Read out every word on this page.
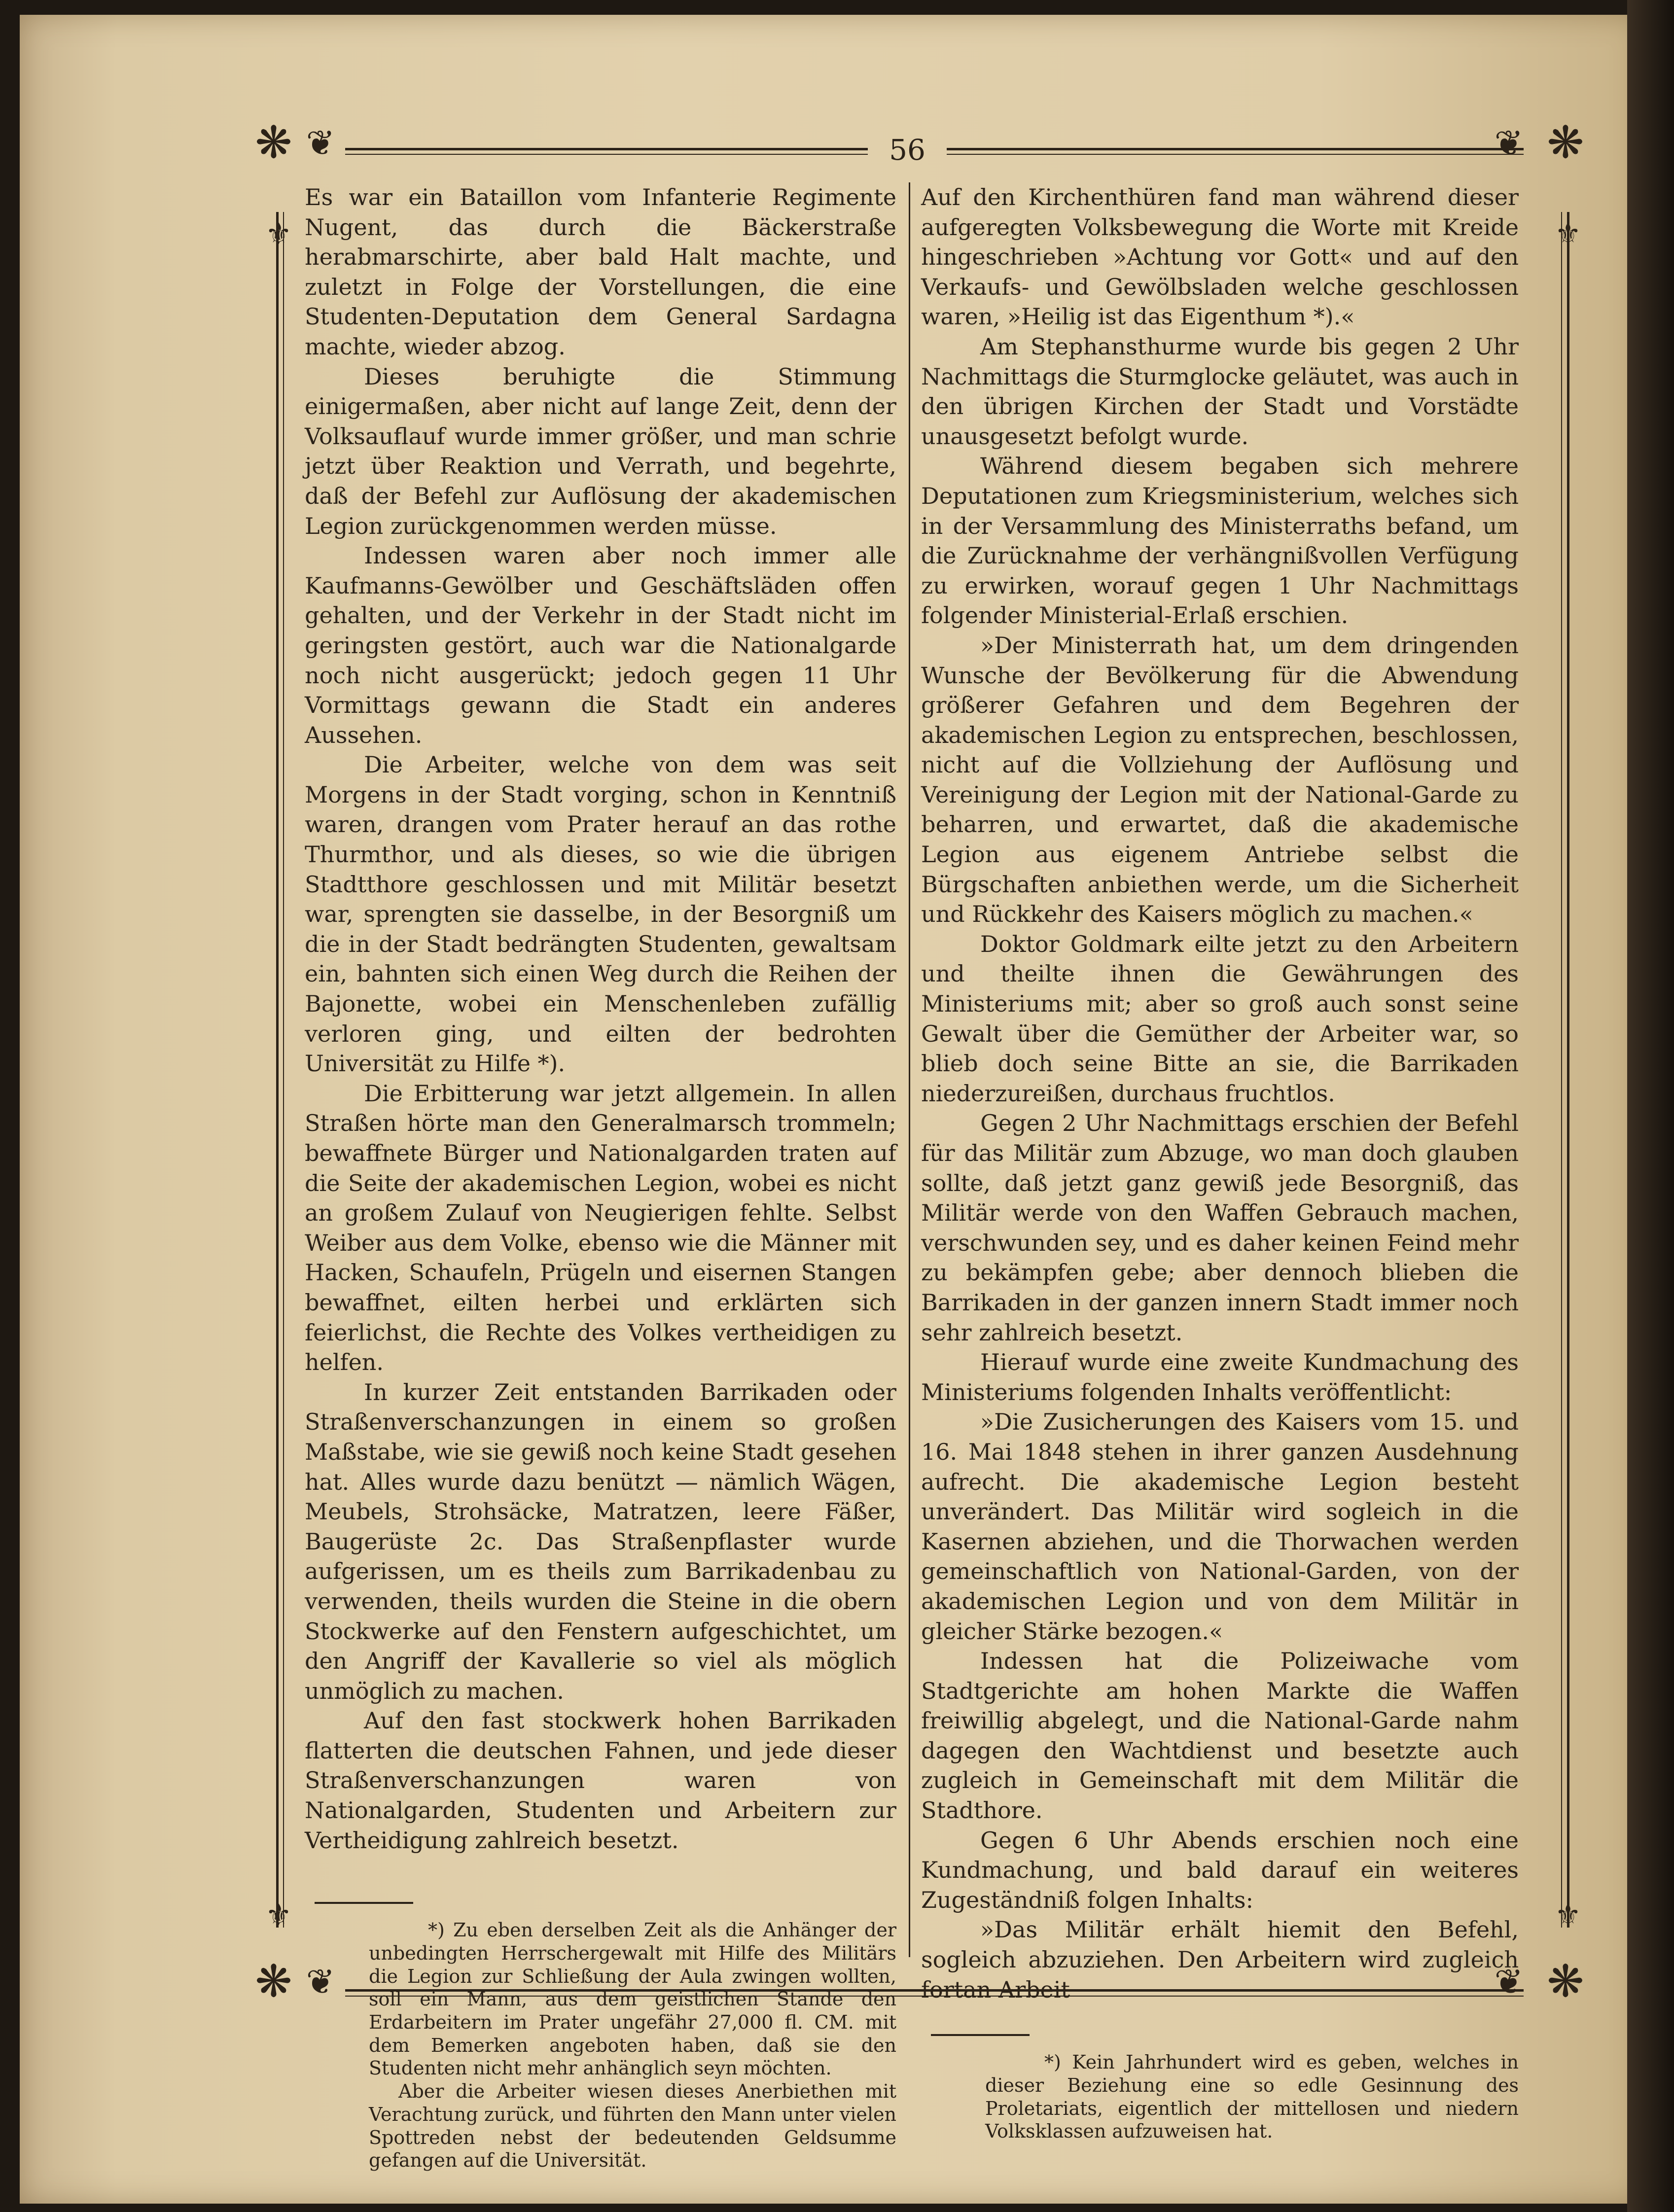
❋	❋
❋	❋
❦	❦
❦	❦
⚜	⚜
⚜	⚜
56

Es war ein Bataillon vom Infanterie Regimente Nugent, das durch die Bäckerstraße herabmarschirte, aber bald Halt machte, und zuletzt in Folge der Vorstellungen, die eine Studenten-Deputation dem General Sardagna machte, wieder abzog.

Dieses beruhigte die Stimmung einigermaßen, aber nicht auf lange Zeit, denn der Volksauflauf wurde immer größer, und man schrie jetzt über Reaktion und Verrath, und begehrte, daß der Befehl zur Auflösung der akademischen Legion zurückgenommen werden müsse.

Indessen waren aber noch immer alle Kaufmanns-Gewölber und Geschäftsläden offen gehalten, und der Verkehr in der Stadt nicht im geringsten gestört, auch war die Nationalgarde noch nicht ausgerückt; jedoch gegen 11 Uhr Vormittags gewann die Stadt ein anderes Aussehen.

Die Arbeiter, welche von dem was seit Morgens in der Stadt vorging, schon in Kenntniß waren, drangen vom Prater herauf an das rothe Thurmthor, und als dieses, so wie die übrigen Stadtthore geschlossen und mit Militär besetzt war, sprengten sie dasselbe, in der Besorgniß um die in der Stadt bedrängten Studenten, gewaltsam ein, bahnten sich einen Weg durch die Reihen der Bajonette, wobei ein Menschenleben zufällig verloren ging, und eilten der bedrohten Universität zu Hilfe *).

Die Erbitterung war jetzt allgemein. In allen Straßen hörte man den Generalmarsch trommeln; bewaffnete Bürger und Nationalgarden traten auf die Seite der akademischen Legion, wobei es nicht an großem Zulauf von Neugierigen fehlte. Selbst Weiber aus dem Volke, ebenso wie die Männer mit Hacken, Schaufeln, Prügeln und eisernen Stangen bewaffnet, eilten herbei und erklärten sich feierlichst, die Rechte des Volkes vertheidigen zu helfen.

In kurzer Zeit entstanden Barrikaden oder Straßenverschanzungen in einem so großen Maßstabe, wie sie gewiß noch keine Stadt gesehen hat. Alles wurde dazu benützt — nämlich Wägen, Meubels, Strohsäcke, Matratzen, leere Fäßer, Baugerüste 2c. Das Straßenpflaster wurde aufgerissen, um es theils zum Barrikadenbau zu verwenden, theils wurden die Steine in die obern Stockwerke auf den Fenstern aufgeschichtet, um den Angriff der Kavallerie so viel als möglich unmöglich zu machen.

Auf den fast stockwerk hohen Barrikaden flatterten die deutschen Fahnen, und jede dieser Straßenverschanzungen waren von Nationalgarden, Studenten und Arbeitern zur Vertheidigung zahlreich besetzt.

*) Zu eben derselben Zeit als die Anhänger der unbedingten Herrschergewalt mit Hilfe des Militärs die Legion zur Schließung der Aula zwingen wollten, soll ein Mann, aus dem geistlichen Stande den Erdarbeitern im Prater ungefähr 27,000 fl. CM. mit dem Bemerken angeboten haben, daß sie den Studenten nicht mehr anhänglich seyn möchten.

Aber die Arbeiter wiesen dieses Anerbiethen mit Verachtung zurück, und führten den Mann unter vielen Spottreden nebst der bedeutenden Geldsumme gefangen auf die Universität.

Auf den Kirchenthüren fand man während dieser aufgeregten Volksbewegung die Worte mit Kreide hingeschrieben »Achtung vor Gott« und auf den Verkaufs- und Gewölbsladen welche geschlossen waren, »Heilig ist das Eigenthum *).«

Am Stephansthurme wurde bis gegen 2 Uhr Nachmittags die Sturmglocke geläutet, was auch in den übrigen Kirchen der Stadt und Vorstädte unausgesetzt befolgt wurde.

Während diesem begaben sich mehrere Deputationen zum Kriegsministerium, welches sich in der Versammlung des Ministerraths befand, um die Zurücknahme der verhängnißvollen Verfügung zu erwirken, worauf gegen 1 Uhr Nachmittags folgender Ministerial-Erlaß erschien.

»Der Ministerrath hat, um dem dringenden Wunsche der Bevölkerung für die Abwendung größerer Gefahren und dem Begehren der akademischen Legion zu entsprechen, beschlossen, nicht auf die Vollziehung der Auflösung und Vereinigung der Legion mit der National-Garde zu beharren, und erwartet, daß die akademische Legion aus eigenem Antriebe selbst die Bürgschaften anbiethen werde, um die Sicherheit und Rückkehr des Kaisers möglich zu machen.«

Doktor Goldmark eilte jetzt zu den Arbeitern und theilte ihnen die Gewährungen des Ministeriums mit; aber so groß auch sonst seine Gewalt über die Gemüther der Arbeiter war, so blieb doch seine Bitte an sie, die Barrikaden niederzureißen, durchaus fruchtlos.

Gegen 2 Uhr Nachmittags erschien der Befehl für das Militär zum Abzuge, wo man doch glauben sollte, daß jetzt ganz gewiß jede Besorgniß, das Militär werde von den Waffen Gebrauch machen, verschwunden sey, und es daher keinen Feind mehr zu bekämpfen gebe; aber dennoch blieben die Barrikaden in der ganzen innern Stadt immer noch sehr zahlreich besetzt.

Hierauf wurde eine zweite Kundmachung des Ministeriums folgenden Inhalts veröffentlicht:

»Die Zusicherungen des Kaisers vom 15. und 16. Mai 1848 stehen in ihrer ganzen Ausdehnung aufrecht. Die akademische Legion besteht unverändert. Das Militär wird sogleich in die Kasernen abziehen, und die Thorwachen werden gemeinschaftlich von National-Garden, von der akademischen Legion und von dem Militär in gleicher Stärke bezogen.«

Indessen hat die Polizeiwache vom Stadtgerichte am hohen Markte die Waffen freiwillig abgelegt, und die National-Garde nahm dagegen den Wachtdienst und besetzte auch zugleich in Gemeinschaft mit dem Militär die Stadthore.

Gegen 6 Uhr Abends erschien noch eine Kundmachung, und bald darauf ein weiteres Zugeständniß folgen Inhalts:

»Das Militär erhält hiemit den Befehl, sogleich abzuziehen. Den Arbeitern wird zugleich fortan Arbeit

*) Kein Jahrhundert wird es geben, welches in dieser Beziehung eine so edle Gesinnung des Proletariats, eigentlich der mittellosen und niedern Volksklassen aufzuweisen hat.
